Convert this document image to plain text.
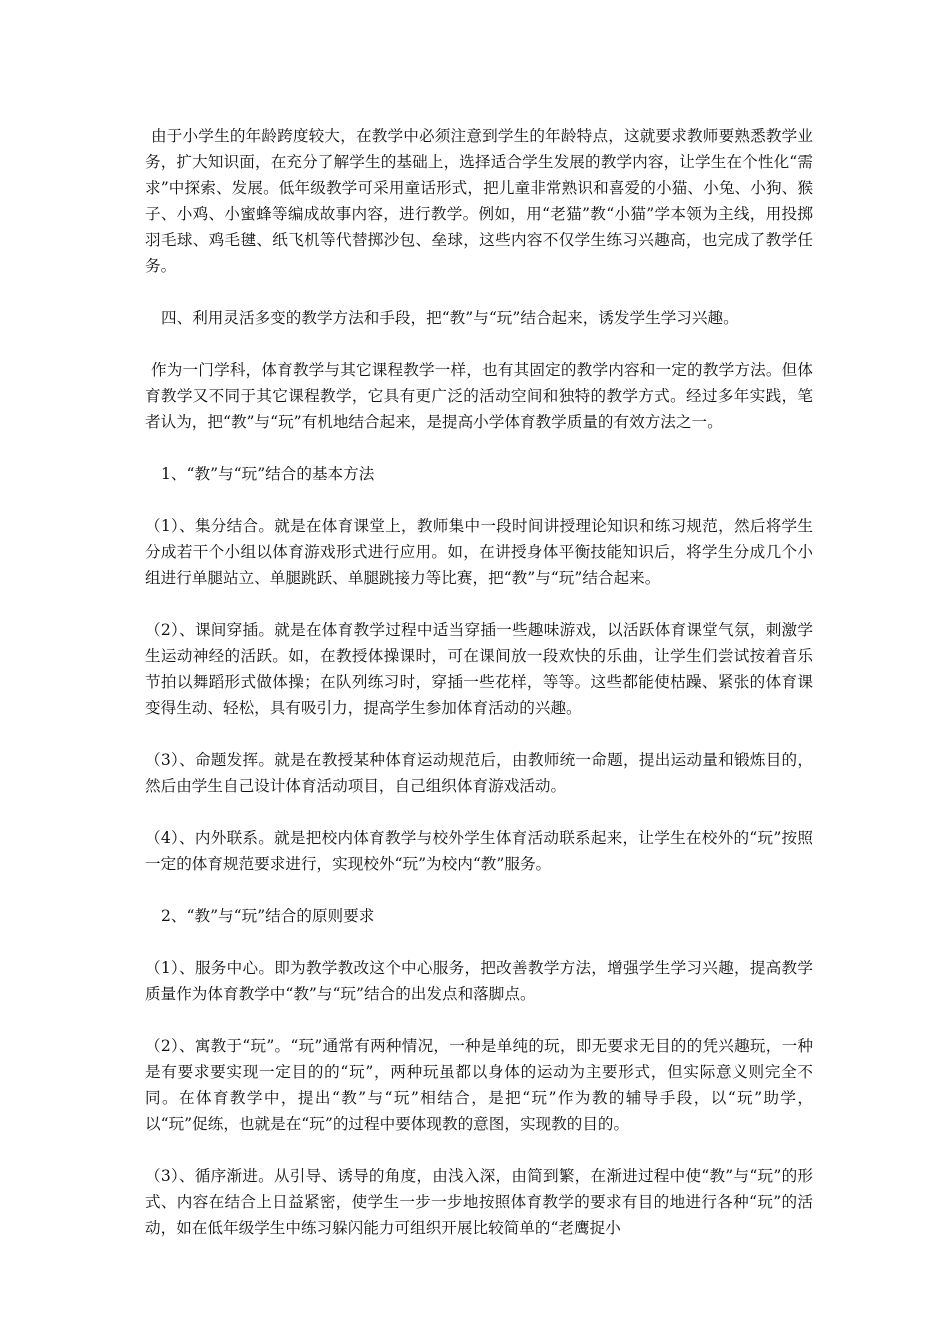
由于小学生的年龄跨度较大，在教学中必须注意到学生的年龄特点，这就要求教师要熟悉教学业务，扩大知识面，在充分了解学生的基础上，选择适合学生发展的教学内容，让学生在个性化“需求”中探索、发展。低年级教学可采用童话形式，把儿童非常熟识和喜爱的小猫、小兔、小狗、猴子、小鸡、小蜜蜂等编成故事内容，进行教学。例如，用“老猫”教“小猫”学本领为主线，用投掷羽毛球、鸡毛毽、纸飞机等代替掷沙包、垒球，这些内容不仅学生练习兴趣高，也完成了教学任务。

四、利用灵活多变的教学方法和手段，把“教”与“玩”结合起来，诱发学生学习兴趣。

作为一门学科，体育教学与其它课程教学一样，也有其固定的教学内容和一定的教学方法。但体育教学又不同于其它课程教学，它具有更广泛的活动空间和独特的教学方式。经过多年实践，笔者认为，把“教”与“玩”有机地结合起来，是提高小学体育教学质量的有效方法之一。

1、“教”与“玩”结合的基本方法

（1）、集分结合。就是在体育课堂上，教师集中一段时间讲授理论知识和练习规范，然后将学生分成若干个小组以体育游戏形式进行应用。如，在讲授身体平衡技能知识后，将学生分成几个小组进行单腿站立、单腿跳跃、单腿跳接力等比赛，把“教”与“玩”结合起来。

（2）、课间穿插。就是在体育教学过程中适当穿插一些趣味游戏，以活跃体育课堂气氛，刺激学生运动神经的活跃。如，在教授体操课时，可在课间放一段欢快的乐曲，让学生们尝试按着音乐节拍以舞蹈形式做体操；在队列练习时，穿插一些花样，等等。这些都能使枯躁、紧张的体育课变得生动、轻松，具有吸引力，提高学生参加体育活动的兴趣。

（3）、命题发挥。就是在教授某种体育运动规范后，由教师统一命题，提出运动量和锻炼目的，然后由学生自己设计体育活动项目，自己组织体育游戏活动。

（4）、内外联系。就是把校内体育教学与校外学生体育活动联系起来，让学生在校外的“玩”按照一定的体育规范要求进行，实现校外“玩”为校内“教”服务。

2、“教”与“玩”结合的原则要求

（1）、服务中心。即为教学教改这个中心服务，把改善教学方法，增强学生学习兴趣，提高教学质量作为体育教学中“教”与“玩”结合的出发点和落脚点。

（2）、寓教于“玩”。“玩”通常有两种情况，一种是单纯的玩，即无要求无目的的凭兴趣玩，一种是有要求要实现一定目的的“玩”，两种玩虽都以身体的运动为主要形式，但实际意义则完全不同。在体育教学中，提出“教”与“玩”相结合，是把“玩”作为教的辅导手段，以“玩”助学，以“玩”促练，也就是在“玩”的过程中要体现教的意图，实现教的目的。

（3）、循序渐进。从引导、诱导的角度，由浅入深，由简到繁，在渐进过程中使“教”与“玩”的形式、内容在结合上日益紧密，使学生一步一步地按照体育教学的要求有目的地进行各种“玩”的活动，如在低年级学生中练习躲闪能力可组织开展比较简单的“老鹰捉小
